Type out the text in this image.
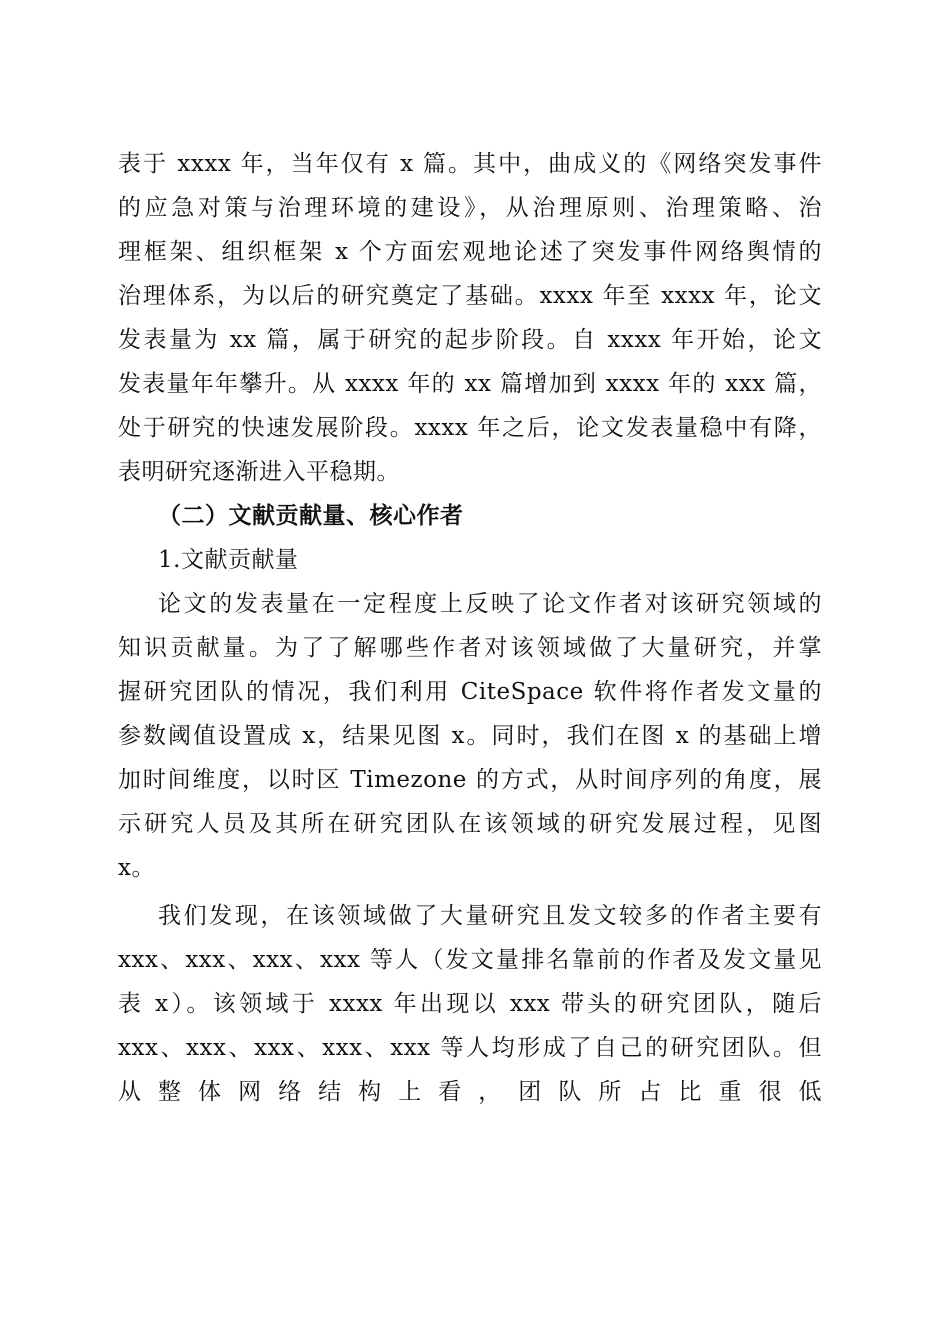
表于 xxxx 年，当年仅有 x 篇。其中，曲成义的《网络突发事件
的应急对策与治理环境的建设》，从治理原则、治理策略、治
理框架、组织框架 x 个方面宏观地论述了突发事件网络舆情的
治理体系，为以后的研究奠定了基础。xxxx 年至 xxxx 年，论文
发表量为 xx 篇，属于研究的起步阶段。自 xxxx 年开始，论文
发表量年年攀升。从 xxxx 年的 xx 篇增加到 xxxx 年的 xxx 篇，
处于研究的快速发展阶段。xxxx 年之后，论文发表量稳中有降，
表明研究逐渐进入平稳期。
（二）文献贡献量、核心作者
1.文献贡献量
论文的发表量在一定程度上反映了论文作者对该研究领域的
知识贡献量。为了了解哪些作者对该领域做了大量研究，并掌
握研究团队的情况，我们利用 CiteSpace 软件将作者发文量的
参数阈值设置成 x，结果见图 x。同时，我们在图 x 的基础上增
加时间维度，以时区 Timezone 的方式，从时间序列的角度，展
示研究人员及其所在研究团队在该领域的研究发展过程，见图
x。
我们发现，在该领域做了大量研究且发文较多的作者主要有
xxx、xxx、xxx、xxx 等人（发文量排名靠前的作者及发文量见
表 x）。该领域于 xxxx 年出现以 xxx 带头的研究团队，随后
xxx、xxx、xxx、xxx、xxx 等人均形成了自己的研究团队。但
从 整 体 网 络 结 构 上 看 ， 团 队 所 占 比 重 很 低
